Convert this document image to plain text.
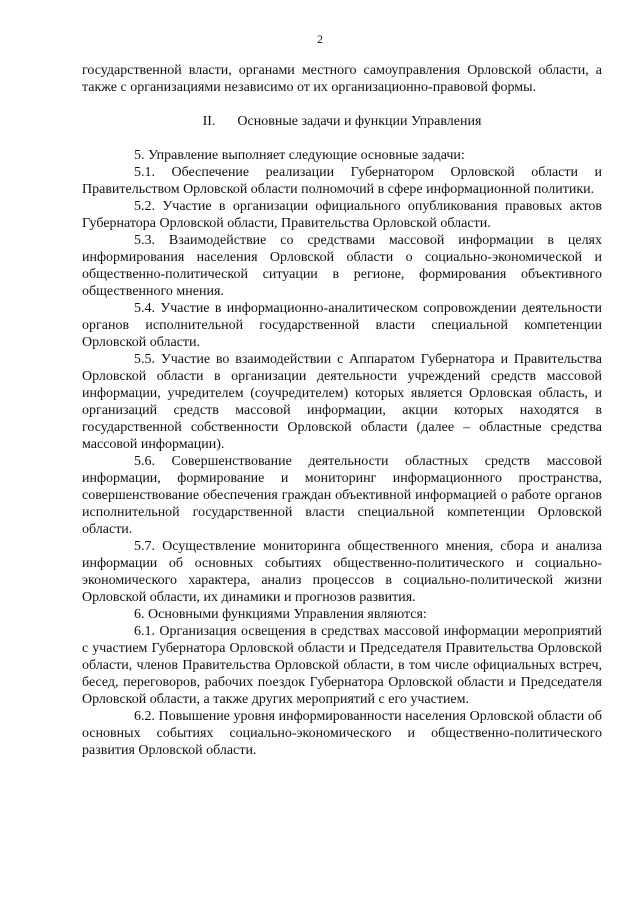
2

государственной власти, органами местного самоуправления Орловской области, а также с организациями независимо от их организационно-правовой формы.

II. Основные задачи и функции Управления

5. Управление выполняет следующие основные задачи:

5.1. Обеспечение реализации Губернатором Орловской области и Правительством Орловской области полномочий в сфере информационной политики.

5.2. Участие в организации официального опубликования правовых актов Губернатора Орловской области, Правительства Орловской области.

5.3. Взаимодействие со средствами массовой информации в целях информирования населения Орловской области о социально-экономической и общественно-политической ситуации в регионе, формирования объективного общественного мнения.

5.4. Участие в информационно-аналитическом сопровождении деятельности органов исполнительной государственной власти специальной компетенции Орловской области.

5.5. Участие во взаимодействии с Аппаратом Губернатора и Правительства Орловской области в организации деятельности учреждений средств массовой информации, учредителем (соучредителем) которых является Орловская область, и организаций средств массовой информации, акции которых находятся в государственной собственности Орловской области (далее – областные средства массовой информации).

5.6. Совершенствование деятельности областных средств массовой информации, формирование и мониторинг информационного пространства, совершенствование обеспечения граждан объективной информацией о работе органов исполнительной государственной власти специальной компетенции Орловской области.

5.7. Осуществление мониторинга общественного мнения, сбора и анализа информации об основных событиях общественно-политического и социально-экономического характера, анализ процессов в социально-политической жизни Орловской области, их динамики и прогнозов развития.

6. Основными функциями Управления являются:

6.1. Организация освещения в средствах массовой информации мероприятий с участием Губернатора Орловской области и Председателя Правительства Орловской области, членов Правительства Орловской области, в том числе официальных встреч, бесед, переговоров, рабочих поездок Губернатора Орловской области и Председателя Орловской области, а также других мероприятий с его участием.

6.2. Повышение уровня информированности населения Орловской области об основных событиях социально-экономического и общественно-политического развития Орловской области.
